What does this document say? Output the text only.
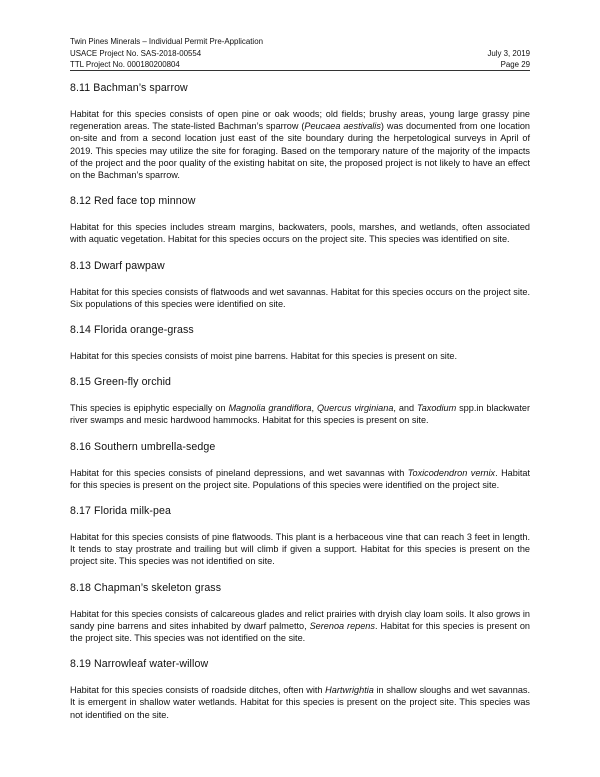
Twin Pines Minerals – Individual Permit Pre-Application
USACE Project No. SAS-2018-00554	July 3, 2019
TTL Project No. 000180200804	Page 29
8.11 Bachman’s sparrow

Habitat for this species consists of open pine or oak woods; old fields; brushy areas, young large grassy pine regeneration areas. The state-listed Bachman’s sparrow (Peucaea aestivalis) was documented from one location on-site and from a second location just east of the site boundary during the herpetological surveys in April of 2019. This species may utilize the site for foraging. Based on the temporary nature of the majority of the impacts of the project and the poor quality of the existing habitat on site, the proposed project is not likely to have an effect on the Bachman’s sparrow.

8.12 Red face top minnow

Habitat for this species includes stream margins, backwaters, pools, marshes, and wetlands, often associated with aquatic vegetation. Habitat for this species occurs on the project site. This species was identified on site.

8.13 Dwarf pawpaw

Habitat for this species consists of flatwoods and wet savannas. Habitat for this species occurs on the project site. Six populations of this species were identified on site.

8.14 Florida orange-grass

Habitat for this species consists of moist pine barrens. Habitat for this species is present on site.

8.15 Green-fly orchid

This species is epiphytic especially on Magnolia grandiflora, Quercus virginiana, and Taxodium spp.in blackwater river swamps and mesic hardwood hammocks. Habitat for this species is present on site.

8.16 Southern umbrella-sedge

Habitat for this species consists of pineland depressions, and wet savannas with Toxicodendron vernix. Habitat for this species is present on the project site. Populations of this species were identified on the project site.

8.17 Florida milk-pea

Habitat for this species consists of pine flatwoods. This plant is a herbaceous vine that can reach 3 feet in length. It tends to stay prostrate and trailing but will climb if given a support. Habitat for this species is present on the project site. This species was not identified on site.

8.18 Chapman’s skeleton grass

Habitat for this species consists of calcareous glades and relict prairies with dryish clay loam soils. It also grows in sandy pine barrens and sites inhabited by dwarf palmetto, Serenoa repens. Habitat for this species is present on the project site. This species was not identified on the site.

8.19 Narrowleaf water-willow

Habitat for this species consists of roadside ditches, often with Hartwrightia in shallow sloughs and wet savannas. It is emergent in shallow water wetlands. Habitat for this species is present on the project site. This species was not identified on the site.
